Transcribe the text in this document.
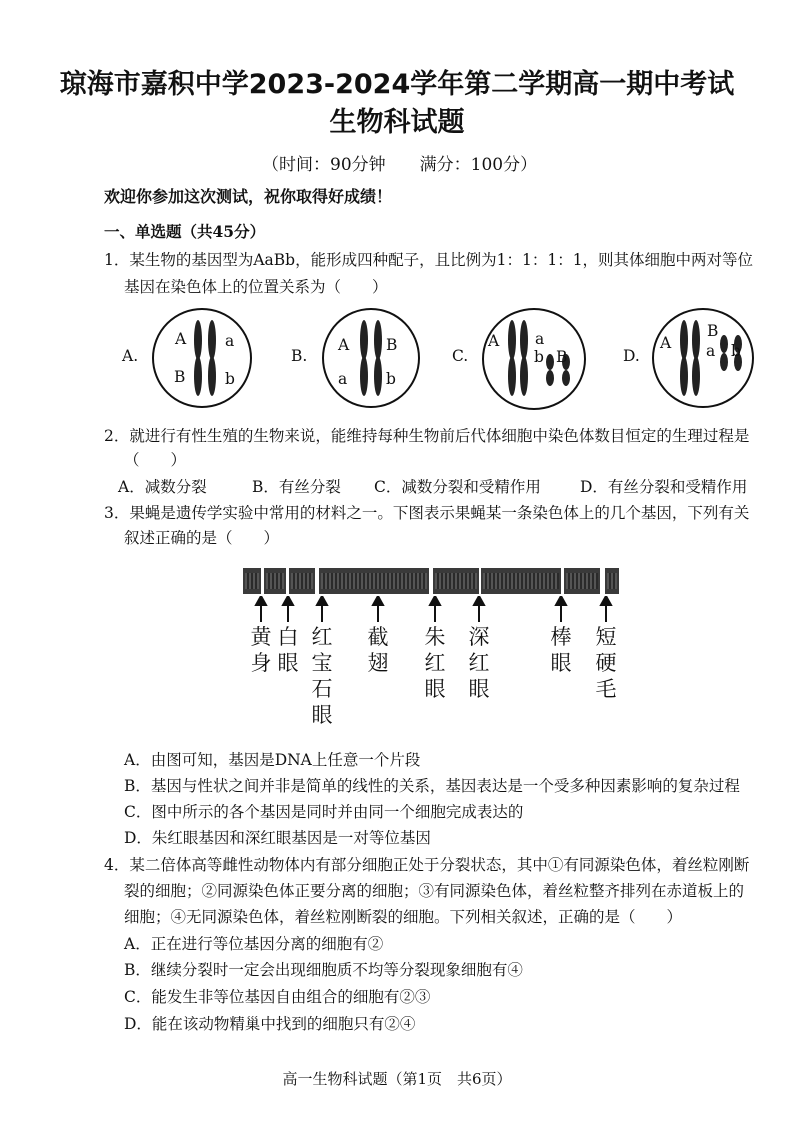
琼海市嘉积中学2023-2024学年第二学期高一期中考试
生物科试题
（时间：90分钟　　满分：100分）
欢迎你参加这次测试，祝你取得好成绩！
一、单选题（共45分）
1．某生物的基因型为AaBb，能形成四种配子，且比例为1：1：1：1，则其体细胞中两对等位
基因在染色体上的位置关系为（　　）
A.
A	a
B	b
B.
A B
a	b
C.
A a
b B	D.
A
B
a b
2．就进行有性生殖的生物来说，能维持每种生物前后代体细胞中染色体数目恒定的生理过程是
（　　）
A．减数分裂	B．有丝分裂 C．减数分裂和受精作用	D．有丝分裂和受精作用
3．果蝇是遗传学实验中常用的材料之一。下图表示果蝇某一条染色体上的几个基因，下列有关
叙述正确的是（　　）
黄身
白眼
红宝石眼
截翅
朱红眼
深红眼
棒眼
短硬毛
A．由图可知，基因是DNA上任意一个片段
B．基因与性状之间并非是简单的线性的关系，基因表达是一个受多种因素影响的复杂过程
C．图中所示的各个基因是同时并由同一个细胞完成表达的
D．朱红眼基因和深红眼基因是一对等位基因
4．某二倍体高等雌性动物体内有部分细胞正处于分裂状态，其中①有同源染色体，着丝粒刚断
裂的细胞；②同源染色体正要分离的细胞；③有同源染色体，着丝粒整齐排列在赤道板上的
细胞；④无同源染色体，着丝粒刚断裂的细胞。下列相关叙述，正确的是（　　）
A．正在进行等位基因分离的细胞有②
B．继续分裂时一定会出现细胞质不均等分裂现象细胞有④
C．能发生非等位基因自由组合的细胞有②③
D．能在该动物精巢中找到的细胞只有②④
高一生物科试题（第1页　共6页）
